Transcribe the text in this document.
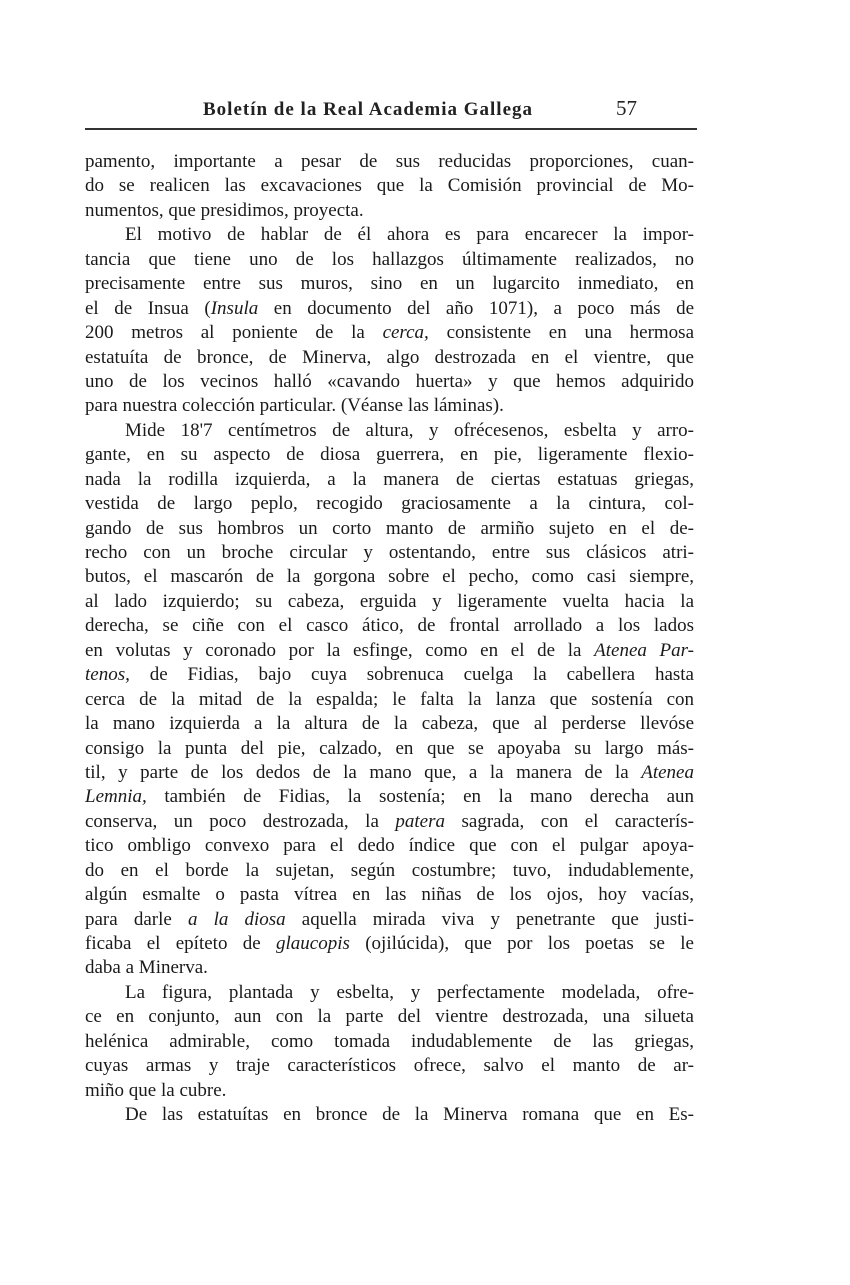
Boletín de la Real Academia Gallega	57
pamento, importante a pesar de sus reducidas proporciones, cuan-
do se realicen las excavaciones que la Comisión provincial de Mo-
numentos, que presidimos, proyecta.
El motivo de hablar de él ahora es para encarecer la impor-
tancia que tiene uno de los hallazgos últimamente realizados, no
precisamente entre sus muros, sino en un lugarcito inmediato, en
el de Insua (Insula en documento del año 1071), a poco más de
200 metros al poniente de la cerca, consistente en una hermosa
estatuíta de bronce, de Minerva, algo destrozada en el vientre, que
uno de los vecinos halló «cavando huerta» y que hemos adquirido
para nuestra colección particular. (Véanse las láminas).
Mide 18'7 centímetros de altura, y ofrécesenos, esbelta y arro-
gante, en su aspecto de diosa guerrera, en pie, ligeramente flexio-
nada la rodilla izquierda, a la manera de ciertas estatuas griegas,
vestida de largo peplo, recogido graciosamente a la cintura, col-
gando de sus hombros un corto manto de armiño sujeto en el de-
recho con un broche circular y ostentando, entre sus clásicos atri-
butos, el mascarón de la gorgona sobre el pecho, como casi siempre,
al lado izquierdo; su cabeza, erguida y ligeramente vuelta hacia la
derecha, se ciñe con el casco ático, de frontal arrollado a los lados
en volutas y coronado por la esfinge, como en el de la Atenea Par-
tenos, de Fidias, bajo cuya sobrenuca cuelga la cabellera hasta
cerca de la mitad de la espalda; le falta la lanza que sostenía con
la mano izquierda a la altura de la cabeza, que al perderse llevóse
consigo la punta del pie, calzado, en que se apoyaba su largo más-
til, y parte de los dedos de la mano que, a la manera de la Atenea
Lemnia, también de Fidias, la sostenía; en la mano derecha aun
conserva, un poco destrozada, la patera sagrada, con el caracterís-
tico ombligo convexo para el dedo índice que con el pulgar apoya-
do en el borde la sujetan, según costumbre; tuvo, indudablemente,
algún esmalte o pasta vítrea en las niñas de los ojos, hoy vacías,
para darle a la diosa aquella mirada viva y penetrante que justi-
ficaba el epíteto de glaucopis (ojilúcida), que por los poetas se le
daba a Minerva.
La figura, plantada y esbelta, y perfectamente modelada, ofre-
ce en conjunto, aun con la parte del vientre destrozada, una silueta
helénica admirable, como tomada indudablemente de las griegas,
cuyas armas y traje característicos ofrece, salvo el manto de ar-
miño que la cubre.
De las estatuítas en bronce de la Minerva romana que en Es-
